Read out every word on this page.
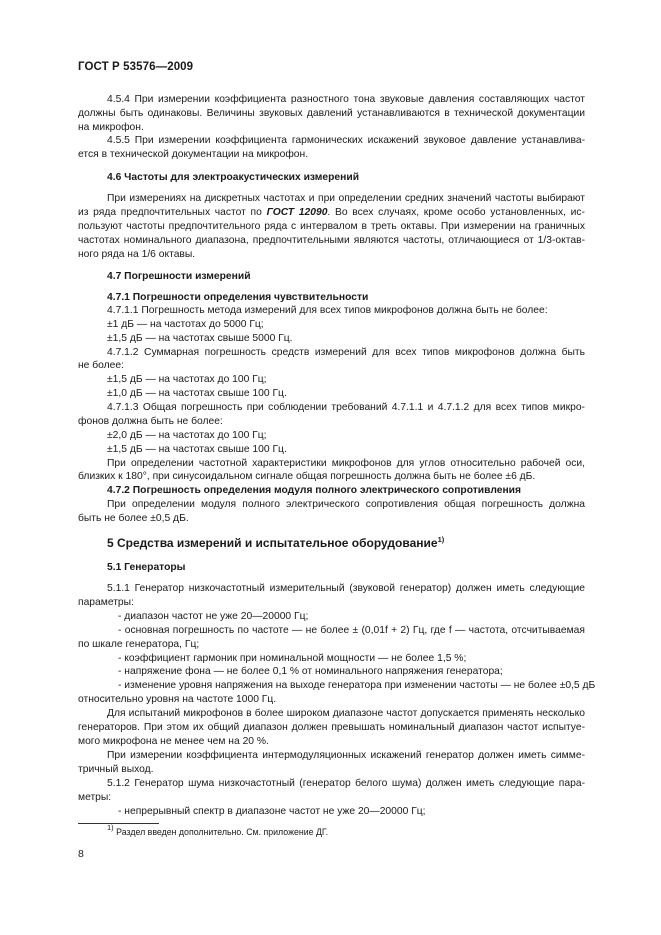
ГОСТ Р 53576—2009
4.5.4 При измерении коэффициента разностного тона звуковые давления составляющих частот
должны быть одинаковы. Величины звуковых давлений устанавливаются в технической документации
на микрофон.
4.5.5 При измерении коэффициента гармонических искажений звуковое давление устанавлива-
ется в технической документации на микрофон.
4.6 Частоты для электроакустических измерений
При измерениях на дискретных частотах и при определении средних значений частоты выбирают
из ряда предпочтительных частот по ГОСТ 12090. Во всех случаях, кроме особо установленных, ис-
пользуют частоты предпочтительного ряда с интервалом в треть октавы. При измерении на граничных
частотах номинального диапазона, предпочтительными являются частоты, отличающиеся от 1/3-октав-
ного ряда на 1/6 октавы.
4.7 Погрешности измерений
4.7.1 Погрешности определения чувствительности
4.7.1.1 Погрешность метода измерений для всех типов микрофонов должна быть не более:
±1 дБ — на частотах до 5000 Гц;
±1,5 дБ — на частотах свыше 5000 Гц.
4.7.1.2 Суммарная погрешность средств измерений для всех типов микрофонов должна быть
не более:
±1,5 дБ — на частотах до 100 Гц;
±1,0 дБ — на частотах свыше 100 Гц.
4.7.1.3 Общая погрешность при соблюдении требований 4.7.1.1 и 4.7.1.2 для всех типов микро-
фонов должна быть не более:
±2,0 дБ — на частотах до 100 Гц;
±1,5 дБ — на частотах свыше 100 Гц.
При определении частотной характеристики микрофонов для углов относительно рабочей оси,
близких к 180°, при синусоидальном сигнале общая погрешность должна быть не более ±6 дБ.
4.7.2 Погрешность определения модуля полного электрического сопротивления
При определении модуля полного электрического сопротивления общая погрешность должна
быть не более ±0,5 дБ.
5 Средства измерений и испытательное оборудование$^{1)}$
5.1 Генераторы
5.1.1 Генератор низкочастотный измерительный (звуковой генератор) должен иметь следующие
параметры:
- диапазон частот не уже 20—20000 Гц;
- основная погрешность по частоте — не более ± (0,01f + 2) Гц, где f — частота, отсчитываемая
по шкале генератора, Гц;
- коэффициент гармоник при номинальной мощности — не более 1,5 %;
- напряжение фона — не более 0,1 % от номинального напряжения генератора;
- изменение уровня напряжения на выходе генератора при изменении частоты — не более ±0,5 дБ
относительно уровня на частоте 1000 Гц.
Для испытаний микрофонов в более широком диапазоне частот допускается применять несколько
генераторов. При этом их общий диапазон должен превышать номинальный диапазон частот испытуе-
мого микрофона не менее чем на 20 %.
При измерении коэффициента интермодуляционных искажений генератор должен иметь симме-
тричный выход.
5.1.2 Генератор шума низкочастотный (генератор белого шума) должен иметь следующие пара-
метры:
- непрерывный спектр в диапазоне частот не уже 20—20000 Гц;
$^{1)}$ Раздел введен дополнительно. См. приложение ДГ.
8
